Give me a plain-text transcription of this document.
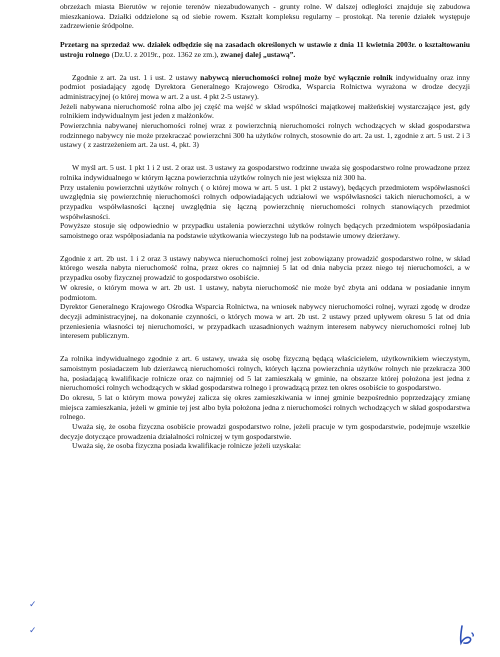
obrzeżach miasta Bierutów w rejonie terenów niezabudowanych - grunty rolne. W dalszej odległości znajduje się zabudowa mieszkaniowa. Działki oddzielone są od siebie rowem. Kształt kompleksu regularny – prostokąt. Na terenie działek występuje zadrzewienie śródpolne.

Przetarg na sprzedaż ww. działek odbędzie się na zasadach określonych w ustawie z dnia 11 kwietnia 2003r. o kształtowaniu ustroju rolnego (Dz.U. z 2019r., poz. 1362 ze zm.), zwanej dalej „ustawą”.

Zgodnie z art. 2a ust. 1 i ust. 2 ustawy nabywcą nieruchomości rolnej może być wyłącznie rolnik indywidualny oraz inny podmiot posiadający zgodę Dyrektora Generalnego Krajowego Ośrodka, Wsparcia Rolnictwa wyrażona w drodze decyzji administracyjnej (o której mowa w art. 2 a ust. 4 pkt 2-5 ustawy).

Jeżeli nabywana nieruchomość rolna albo jej część ma wejść w skład wspólności majątkowej małżeńskiej wystarczające jest, gdy rolnikiem indywidualnym jest jeden z małżonków.

Powierzchnia nabywanej nieruchomości rolnej wraz z powierzchnią nieruchomości rolnych wchodzących w skład gospodarstwa rodzinnego nabywcy nie może przekraczać powierzchni 300 ha użytków rolnych, stosownie do art. 2a ust. 1, zgodnie z art. 5 ust. 2 i 3 ustawy ( z zastrzeżeniem art. 2a ust. 4, pkt. 3)

W myśl art. 5 ust. 1 pkt 1 i 2 ust. 2 oraz ust. 3 ustawy za gospodarstwo rodzinne uważa się gospodarstwo rolne prowadzone przez rolnika indywidualnego w którym łączna powierzchnia użytków rolnych nie jest większa niż 300 ha.

Przy ustaleniu powierzchni użytków rolnych ( o której mowa w art. 5 ust. 1 pkt 2 ustawy), będących przedmiotem współwłasności uwzględnia się powierzchnię nieruchomości rolnych odpowiadających udziałowi we współwłasności takich nieruchomości, a w przypadku współwłasności łącznej uwzględnia się łączną powierzchnię nieruchomości rolnych stanowiących przedmiot współwłasności.

Powyższe stosuje się odpowiednio w przypadku ustalenia powierzchni użytków rolnych będących przedmiotem współposiadania samoistnego oraz współposiadania na podstawie użytkowania wieczystego lub na podstawie umowy dzierżawy.

Zgodnie z art. 2b ust. 1 i 2 oraz 3 ustawy nabywca nieruchomości rolnej jest zobowiązany prowadzić gospodarstwo rolne, w skład którego weszła nabyta nieruchomość rolna, przez okres co najmniej 5 lat od dnia nabycia przez niego tej nieruchomości, a w przypadku osoby fizycznej prowadzić to gospodarstwo osobiście.

W okresie, o którym mowa w art. 2b ust. 1 ustawy, nabyta nieruchomość nie może być zbyta ani oddana w posiadanie innym podmiotom.

Dyrektor Generalnego Krajowego Ośrodka Wsparcia Rolnictwa, na wniosek nabywcy nieruchomości rolnej, wyrazi zgodę w drodze decyzji administracyjnej, na dokonanie czynności, o których mowa w art. 2b ust. 2 ustawy przed upływem okresu 5 lat od dnia przeniesienia własności tej nieruchomości, w przypadkach uzasadnionych ważnym interesem nabywcy nieruchomości rolnej lub interesem publicznym.

Za rolnika indywidualnego zgodnie z art. 6 ustawy, uważa się osobę fizyczną będącą właścicielem, użytkownikiem wieczystym, samoistnym posiadaczem lub dzierżawcą nieruchomości rolnych, których łączna powierzchnia użytków rolnych nie przekracza 300 ha, posiadającą kwalifikacje rolnicze oraz co najmniej od 5 lat zamieszkałą w gminie, na obszarze której położona jest jedna z nieruchomości rolnych wchodzących w skład gospodarstwa rolnego i prowadzącą przez ten okres osobiście to gospodarstwo.

Do okresu, 5 lat o którym mowa powyżej zalicza się okres zamieszkiwania w innej gminie bezpośrednio poprzedzający zmianę miejsca zamieszkania, jeżeli w gminie tej jest albo była położona jedna z nieruchomości rolnych wchodzących w skład gospodarstwa rolnego.

Uważa się, że osoba fizyczna osobiście prowadzi gospodarstwo rolne, jeżeli pracuje w tym gospodarstwie, podejmuje wszelkie decyzje dotyczące prowadzenia działalności rolniczej w tym gospodarstwie.

Uważa się, że osoba fizyczna posiada kwalifikacje rolnicze jeżeli uzyskała:

✓
✓
